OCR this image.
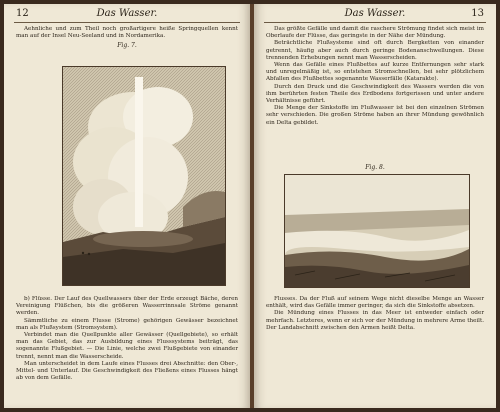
12	Das Wasser.

Aehnliche und zum Theil noch großartigere heiße Springquellen kennt man auf der Insel Neu-Seeland und in Nordamerika.

Fig. 7.

b) Flüsse. Der Lauf des Quellwassers über der Erde erzeugt Bäche, deren Vereinigung Flüßchen, bis die größeren Wasserrinnsale Ströme genannt werden.

Sämmtliche zu einem Flusse (Strome) gehörigen Gewässer bezeichnet man als Flußsystem (Stromsystem).

Verbindet man die Quellpunkte aller Gewässer (Quellgebiete), so erhält man das Gebiet, das zur Ausbildung eines Flusssystems beiträgt, das sogenannte Flußgebiet. — Die Linie, welche zwei Flußgebiete von einander trennt, nennt man die Wasserscheide.

Man unterscheidet in dem Laufe eines Flusses drei Abschnitte: den Ober-, Mittel- und Unterlauf. Die Geschwindigkeit des Fließens eines Flusses hängt ab von dem Gefälle.

Das Wasser.	13

Das größte Gefälle und damit die raschere Strömung findet sich meist im Oberlaufe der Flüsse, das geringste in der Nähe der Mündung.

Beträchtliche Flußsysteme sind oft durch Bergketten von einander getrennt, häufig aber auch durch geringe Bodenanschwellungen. Diese trennenden Erhebungen nennt man Wasserscheiden.

Wenn das Gefälle eines Flußbettes auf kurze Entfernungen sehr stark und unregelmäßig ist, so entstehen Stromschnellen, bei sehr plötzlichem Abfallen des Flußbettes sogenannte Wasserfälle (Katarakte).

Durch den Druck und die Geschwindigkeit des Wassers werden die von ihm berührten festen Theile des Erdbodens fortgerissen und unter andere Verhältnisse geführt.

Die Menge der Sinkstoffe im Flußwasser ist bei den einzelnen Strömen sehr verschieden. Die großen Ströme haben an ihrer Mündung gewöhnlich ein Delta gebildet.

Fig. 8.

Flusses. Da der Fluß auf seinem Wege nicht dieselbe Menge an Wasser enthält, wird das Gefälle immer geringer, da sich die Sinkstoffe absetzen.

Die Mündung eines Flusses in das Meer ist entweder einfach oder mehrfach. Letzteres, wenn er sich vor der Mündung in mehrere Arme theilt. Der Landabschnitt zwischen den Armen heißt Delta.
